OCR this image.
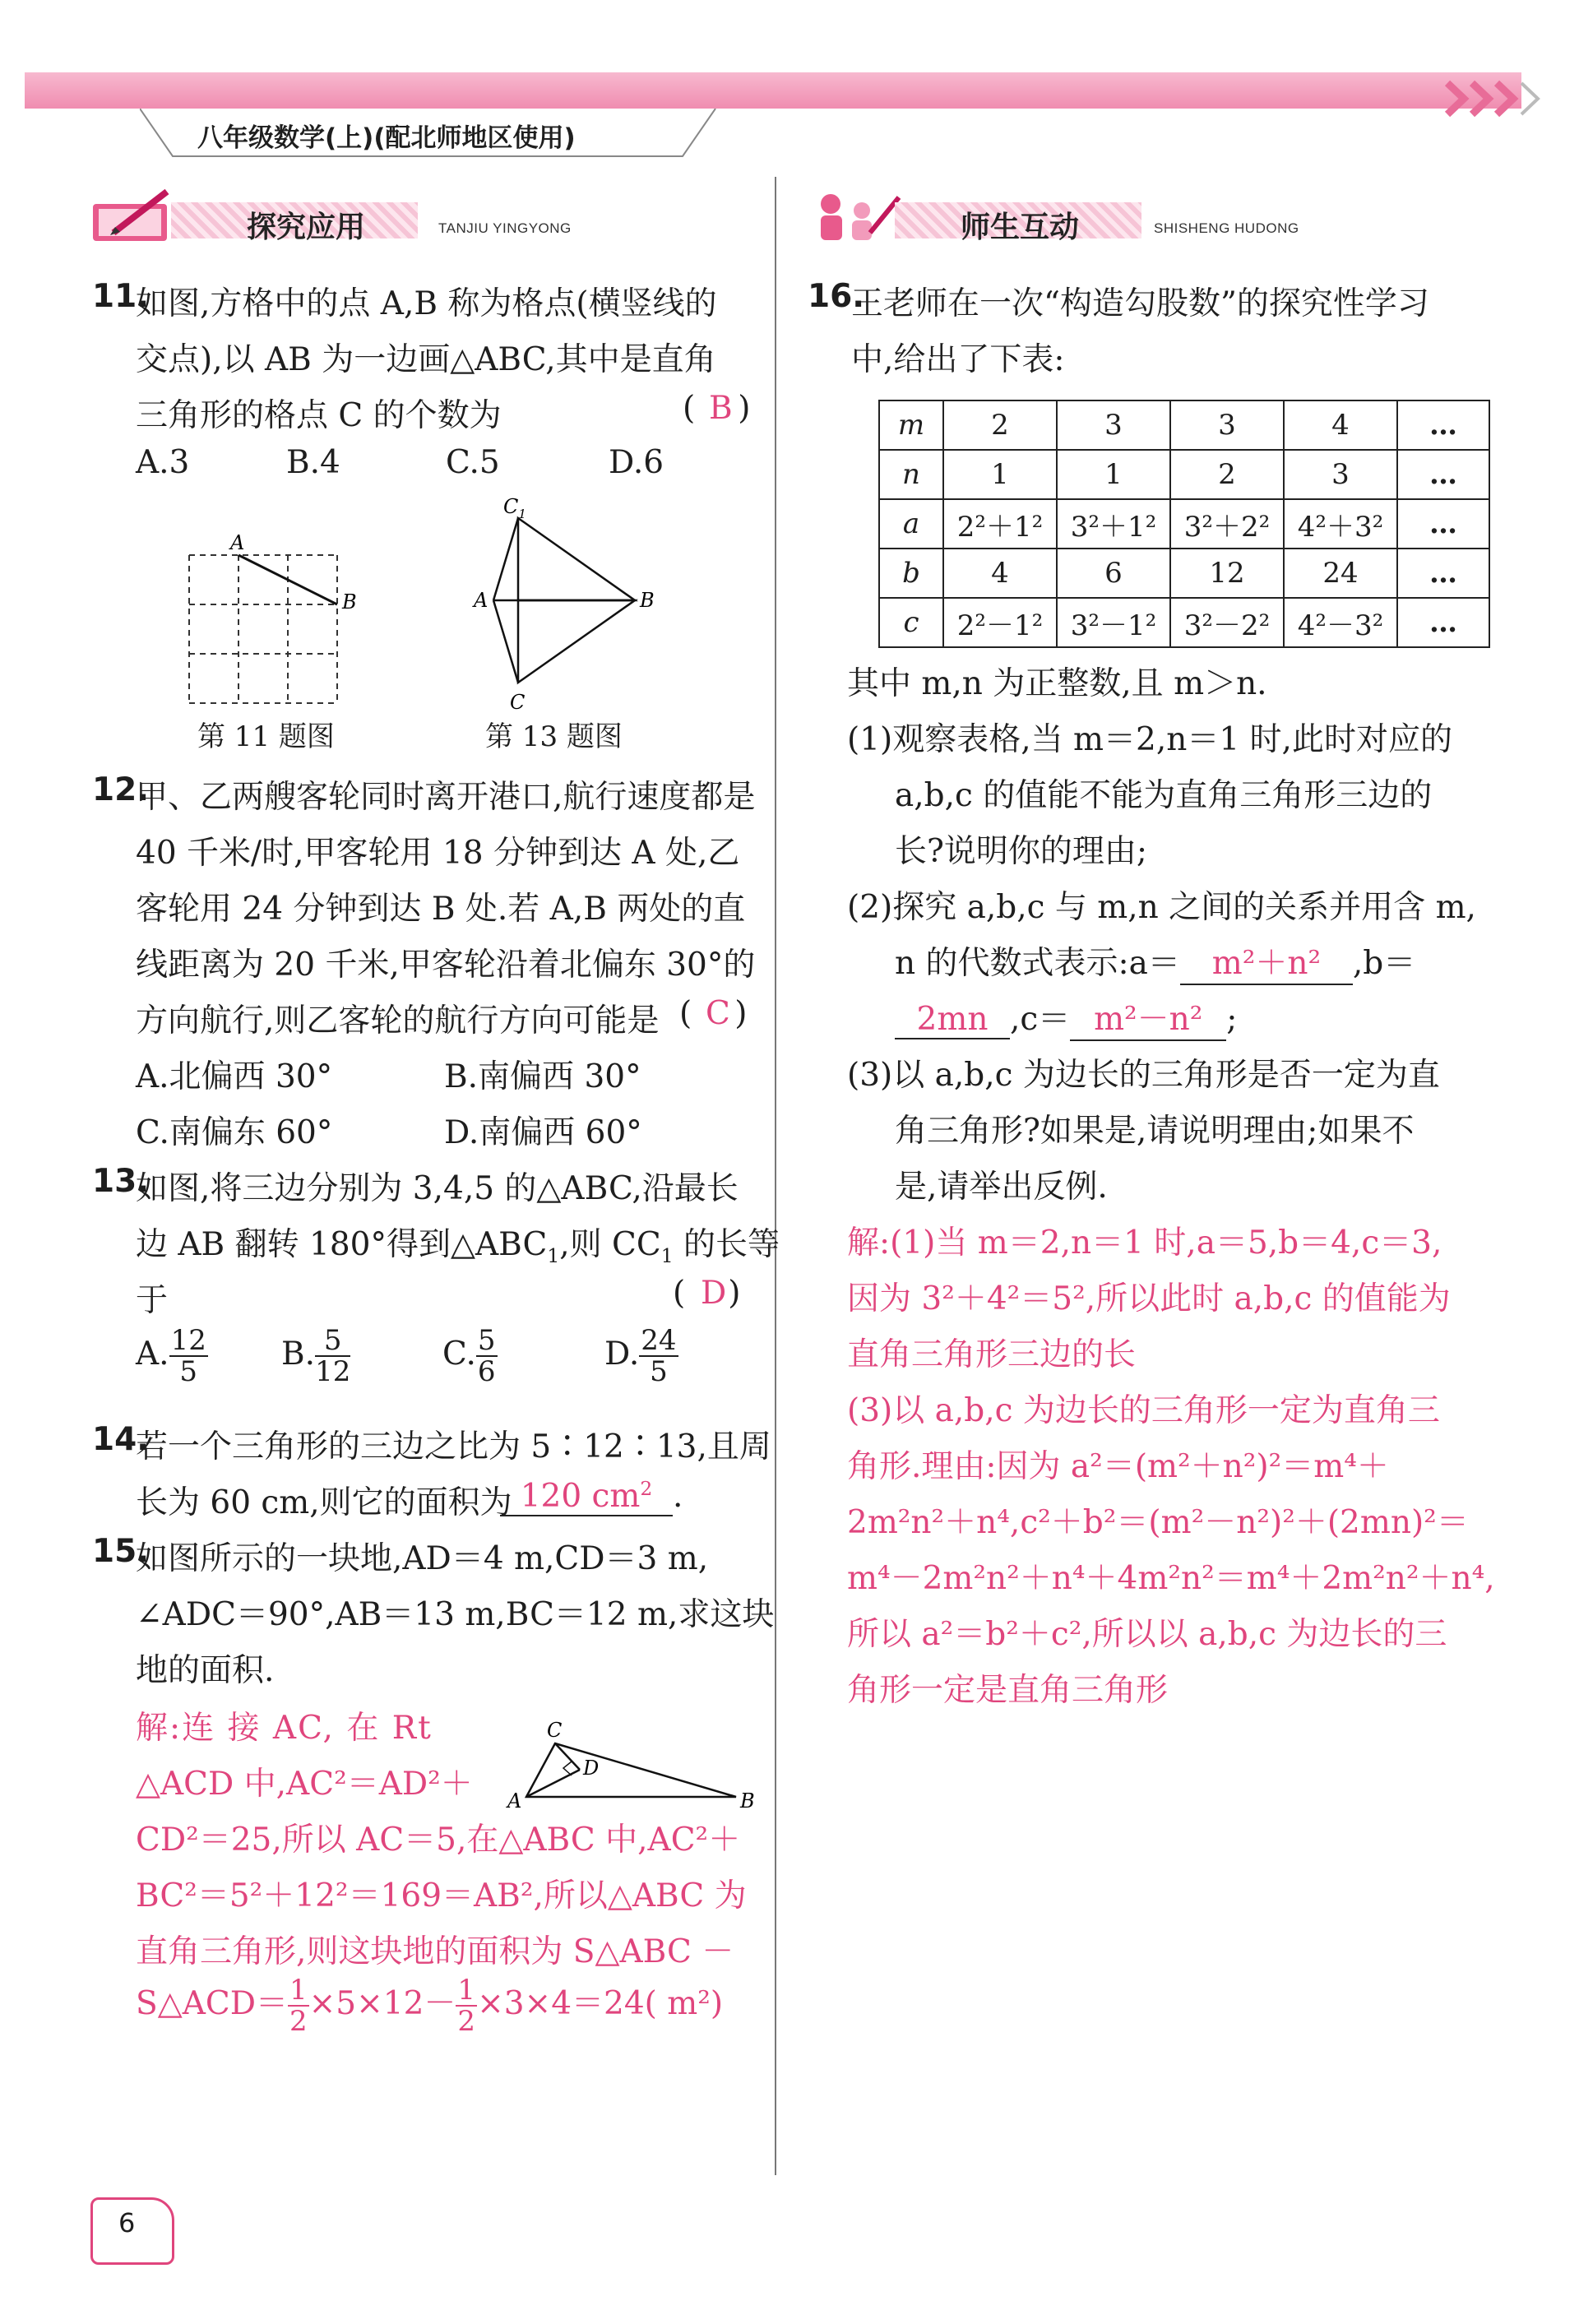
八年级数学(上)(配北师地区使用)
探究应用	TANJIU YINGYONG	师生互动	SHISHENG HUDONG
11.
如图,方格中的点 A,B 称为格点(横竖线的
交点),以 AB 为一边画△ABC,其中是直角
三角形的格点 C 的个数为	( )
B
A.3	B.4	C.5	D.6
A
B
第 11 题图
$C_1$
A	B
C
第 13 题图
12.
甲、乙两艘客轮同时离开港口,航行速度都是
40 千米/时,甲客轮用 18 分钟到达 A 处,乙
客轮用 24 分钟到达 B 处.若 A,B 两处的直
线距离为 20 千米,甲客轮沿着北偏东 30°的
方向航行,则乙客轮的航行方向可能是 ( )
C
A.北偏西 30°	B.南偏西 30°
C.南偏东 60°	D.南偏西 60°
13.
如图,将三边分别为 3,4,5 的△ABC,沿最长
边 AB 翻转 180°得到$\triangle ABC_1$,则 $CC_1$ 的长等
于	( )
D
A. $\frac{12}{5} B$. $\frac{5}{12}$	C. $\frac{5}{6}$	D. $\frac{24}{5}$
14.
若一个三角形的三边之比为 5∶12∶13,且周
长为 60 cm,则它的面积为 120 $cm^2$ .
15.
如图所示的一块地,AD＝4 m,CD＝3 m,
∠ADC＝90°,AB＝13 m,BC＝12 m,求这块
地的面积.
C
D
A	B
解:连 接 AC, 在 Rt
△ACD 中,AC²＝AD²＋
CD²＝25,所以 AC＝5,在△ABC 中,AC²＋
BC²＝5²＋12²＝169＝AB²,所以△ABC 为
直角三角形,则这块地的面积为 S△ABC －
S△ACD＝ $\frac{1}{2} \times 5\times 12- \frac{1}{2} \times 3\times 4=24$( m²)
16.
王老师在一次“构造勾股数”的探究性学习
中,给出了下表:
m	2	3	3	4	…
n	1	1	2	3	…
a	2²＋1²	3²＋1²	3²＋2²	4²＋3²	…
b	4	6	12	24	…
c	2²－1²	3²－1²	3²－2²	4²－3²	…
其中 m,n 为正整数,且 m＞n.
(1)观察表格,当 m＝2,n＝1 时,此时对应的
a,b,c 的值能不能为直角三角形三边的
长?说明你的理由;
(2)探究 a,b,c 与 m,n 之间的关系并用含 m,
n 的代数式表示:a＝ m²＋n² ,b＝
2mn ,c＝ m²－n² ;
(3)以 a,b,c 为边长的三角形是否一定为直
角三角形?如果是,请说明理由;如果不
是,请举出反例.
解:(1)当 m＝2,n＝1 时,a＝5,b＝4,c＝3,
因为 3²＋4²＝5²,所以此时 a,b,c 的值能为
直角三角形三边的长
(3)以 a,b,c 为边长的三角形一定为直角三
角形.理由:因为 a²＝(m²＋n²)²＝m⁴＋
2m²n²＋n⁴,c²＋b²＝(m²－n²)²＋(2mn)²＝
m⁴－2m²n²＋n⁴＋4m²n²＝m⁴＋2m²n²＋n⁴,
所以 a²＝b²＋c²,所以以 a,b,c 为边长的三
角形一定是直角三角形
6
